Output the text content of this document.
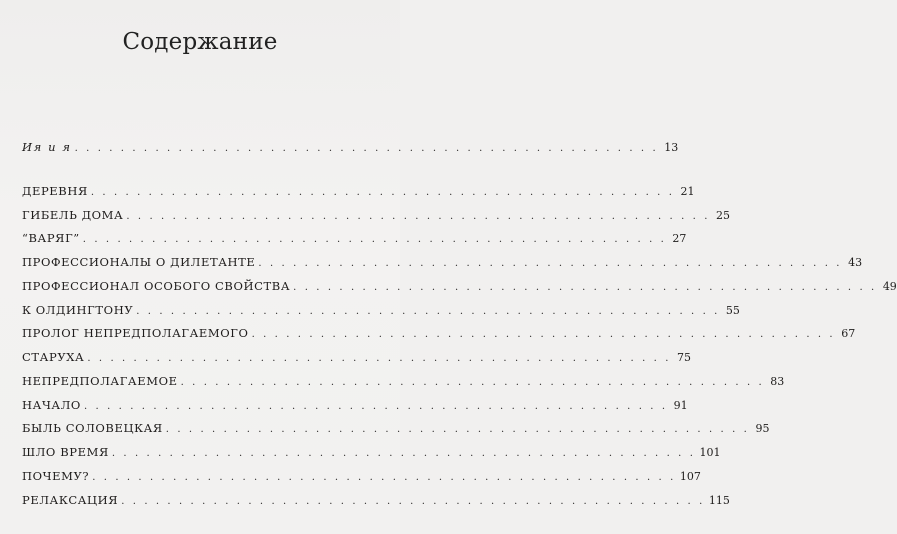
Содержание
Ия и я . . . . . . . . . . . . . . . . . . . . . . . . . . . . . . . . . . . . . . . . . . . . . . . . . . . 13
ДЕРЕВНЯ . . . . . . . . . . . . . . . . . . . . . . . . . . . . . . . . . . . . . . . . . . . . . . . . . . . 21
ГИБЕЛЬ ДОМА . . . . . . . . . . . . . . . . . . . . . . . . . . . . . . . . . . . . . . . . . . . . . . . . . . . 25
“ВАРЯГ” . . . . . . . . . . . . . . . . . . . . . . . . . . . . . . . . . . . . . . . . . . . . . . . . . . . 27
ПРОФЕССИОНАЛЫ О ДИЛЕТАНТЕ . . . . . . . . . . . . . . . . . . . . . . . . . . . . . . . . . . . . . . . . . . . . . . . . . . . 43
ПРОФЕССИОНАЛ ОСОБОГО СВОЙСТВА . . . . . . . . . . . . . . . . . . . . . . . . . . . . . . . . . . . . . . . . . . . . . . . . . . . 49
К ОЛДИНГТОНУ . . . . . . . . . . . . . . . . . . . . . . . . . . . . . . . . . . . . . . . . . . . . . . . . . . . 55
ПРОЛОГ НЕПРЕДПОЛАГАЕМОГО . . . . . . . . . . . . . . . . . . . . . . . . . . . . . . . . . . . . . . . . . . . . . . . . . . . 67
СТАРУХА . . . . . . . . . . . . . . . . . . . . . . . . . . . . . . . . . . . . . . . . . . . . . . . . . . . 75
НЕПРЕДПОЛАГАЕМОЕ . . . . . . . . . . . . . . . . . . . . . . . . . . . . . . . . . . . . . . . . . . . . . . . . . . . 83
НАЧАЛО . . . . . . . . . . . . . . . . . . . . . . . . . . . . . . . . . . . . . . . . . . . . . . . . . . . 91
БЫЛЬ СОЛОВЕЦКАЯ . . . . . . . . . . . . . . . . . . . . . . . . . . . . . . . . . . . . . . . . . . . . . . . . . . . 95
ШЛО ВРЕМЯ . . . . . . . . . . . . . . . . . . . . . . . . . . . . . . . . . . . . . . . . . . . . . . . . . . . 101
ПОЧЕМУ? . . . . . . . . . . . . . . . . . . . . . . . . . . . . . . . . . . . . . . . . . . . . . . . . . . . 107
РЕЛАКСАЦИЯ . . . . . . . . . . . . . . . . . . . . . . . . . . . . . . . . . . . . . . . . . . . . . . . . . . . 115
